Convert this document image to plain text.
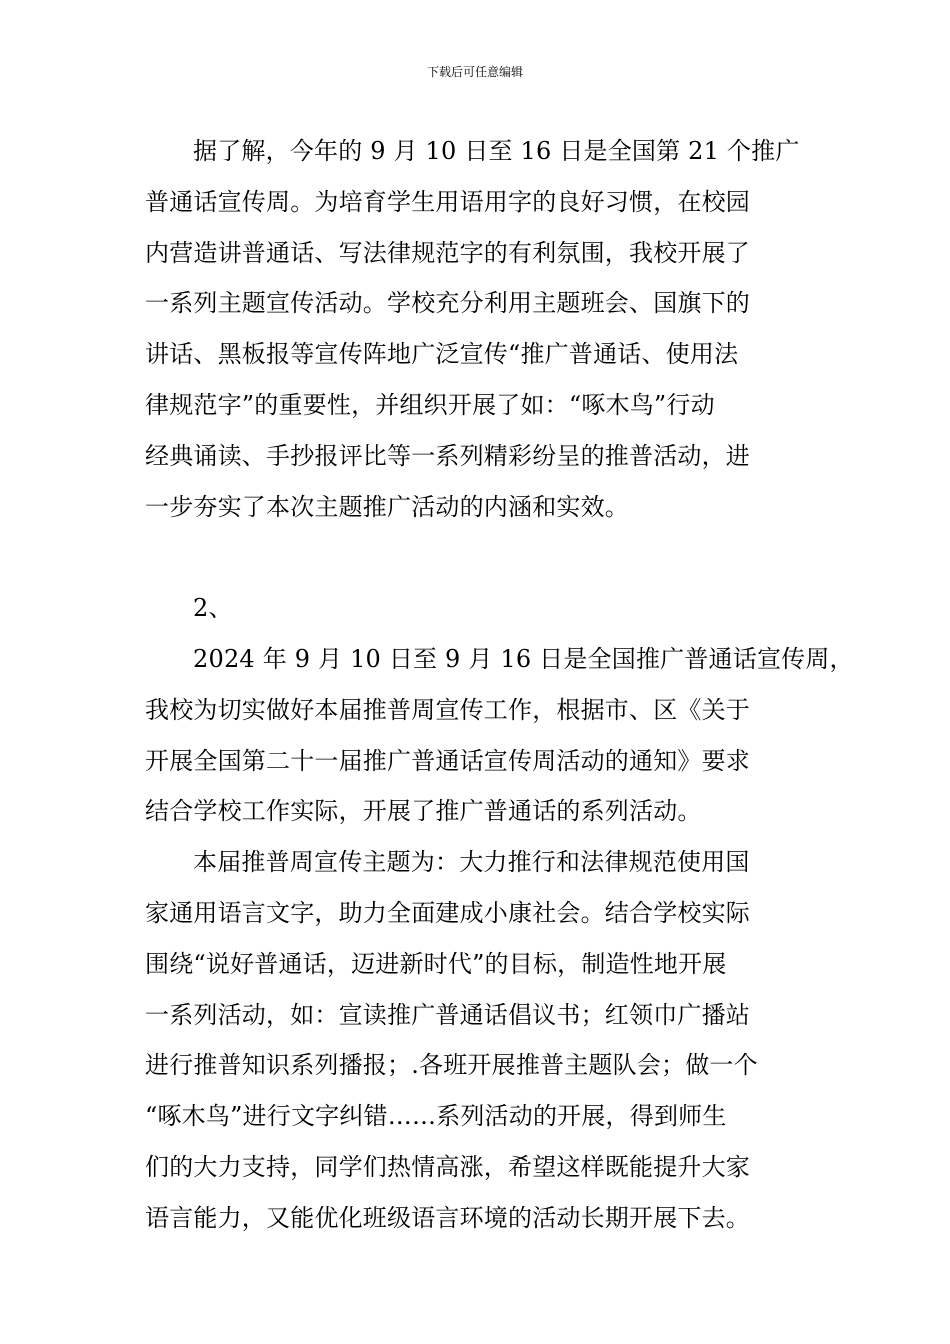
下载后可任意编辑
据了解，今年的 9 月 10 日至 16 日是全国第 21 个推广
普通话宣传周。为培育学生用语用字的良好习惯，在校园
内营造讲普通话、写法律规范字的有利氛围，我校开展了
一系列主题宣传活动。学校充分利用主题班会、国旗下的
讲话、黑板报等宣传阵地广泛宣传“推广普通话、使用法
律规范字”的重要性，并组织开展了如：“啄木鸟”行动
经典诵读、手抄报评比等一系列精彩纷呈的推普活动，进
一步夯实了本次主题推广活动的内涵和实效。
2、
2024 年 9 月 10 日至 9 月 16 日是全国推广普通话宣传周，
我校为切实做好本届推普周宣传工作，根据市、区《关于
开展全国第二十一届推广普通话宣传周活动的通知》要求
结合学校工作实际，开展了推广普通话的系列活动。
本届推普周宣传主题为：大力推行和法律规范使用国
家通用语言文字，助力全面建成小康社会。结合学校实际
围绕“说好普通话，迈进新时代”的目标，制造性地开展
一系列活动，如：宣读推广普通话倡议书；红领巾广播站
进行推普知识系列播报；.各班开展推普主题队会；做一个
“啄木鸟”进行文字纠错……系列活动的开展，得到师生
们的大力支持，同学们热情高涨，希望这样既能提升大家
语言能力，又能优化班级语言环境的活动长期开展下去。
